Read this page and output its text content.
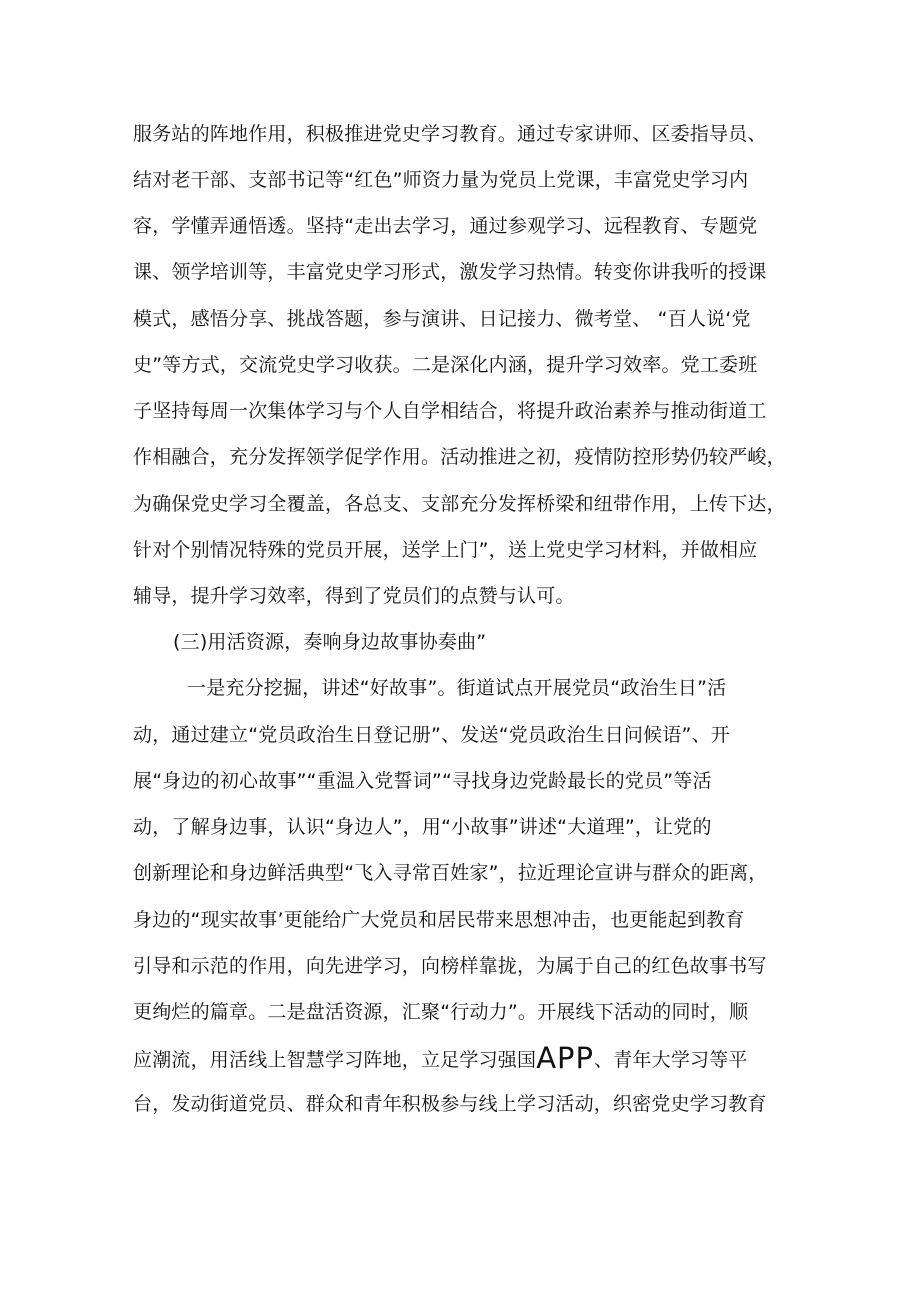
服务站的阵地作用，积极推进党史学习教育。通过专家讲师、区委指导员、
结对老干部、支部书记等“红色”师资力量为党员上党课，丰富党史学习内
容，学懂弄通悟透。坚持“走出去学习，通过参观学习、远程教育、专题党
课、领学培训等，丰富党史学习形式，激发学习热情。转变你讲我听的授课
模式，感悟分享、挑战答题，参与演讲、日记接力、微考堂、 “百人说‘党
史”等方式，交流党史学习收获。二是深化内涵，提升学习效率。党工委班
子坚持每周一次集体学习与个人自学相结合，将提升政治素养与推动街道工
作相融合，充分发挥领学促学作用。活动推进之初，疫情防控形势仍较严峻，
为确保党史学习全覆盖，各总支、支部充分发挥桥梁和纽带作用，上传下达，
针对个别情况特殊的党员开展，送学上门”，送上党史学习材料，并做相应
辅导，提升学习效率，得到了党员们的点赞与认可。
(三)用活资源，奏响身边故事协奏曲”
一是充分挖掘，讲述“好故事”。街道试点开展党员“政治生日”活
动，通过建立“党员政治生日登记册”、发送“党员政治生日问候语”、开
展“身边的初心故事”“重温入党誓词”“寻找身边党龄最长的党员”等活
动，了解身边事，认识“身边人”，用“小故事”讲述“大道理”，让党的
创新理论和身边鲜活典型“飞入寻常百姓家”，拉近理论宣讲与群众的距离，
身边的“现实故事’更能给广大党员和居民带来思想冲击，也更能起到教育
引导和示范的作用，向先进学习，向榜样靠拢，为属于自己的红色故事书写
更绚烂的篇章。二是盘活资源，汇聚“行动力”。开展线下活动的同时，顺
应潮流，用活线上智慧学习阵地，立足学习强国APP、青年大学习等平
台，发动街道党员、群众和青年积极参与线上学习活动，织密党史学习教育
